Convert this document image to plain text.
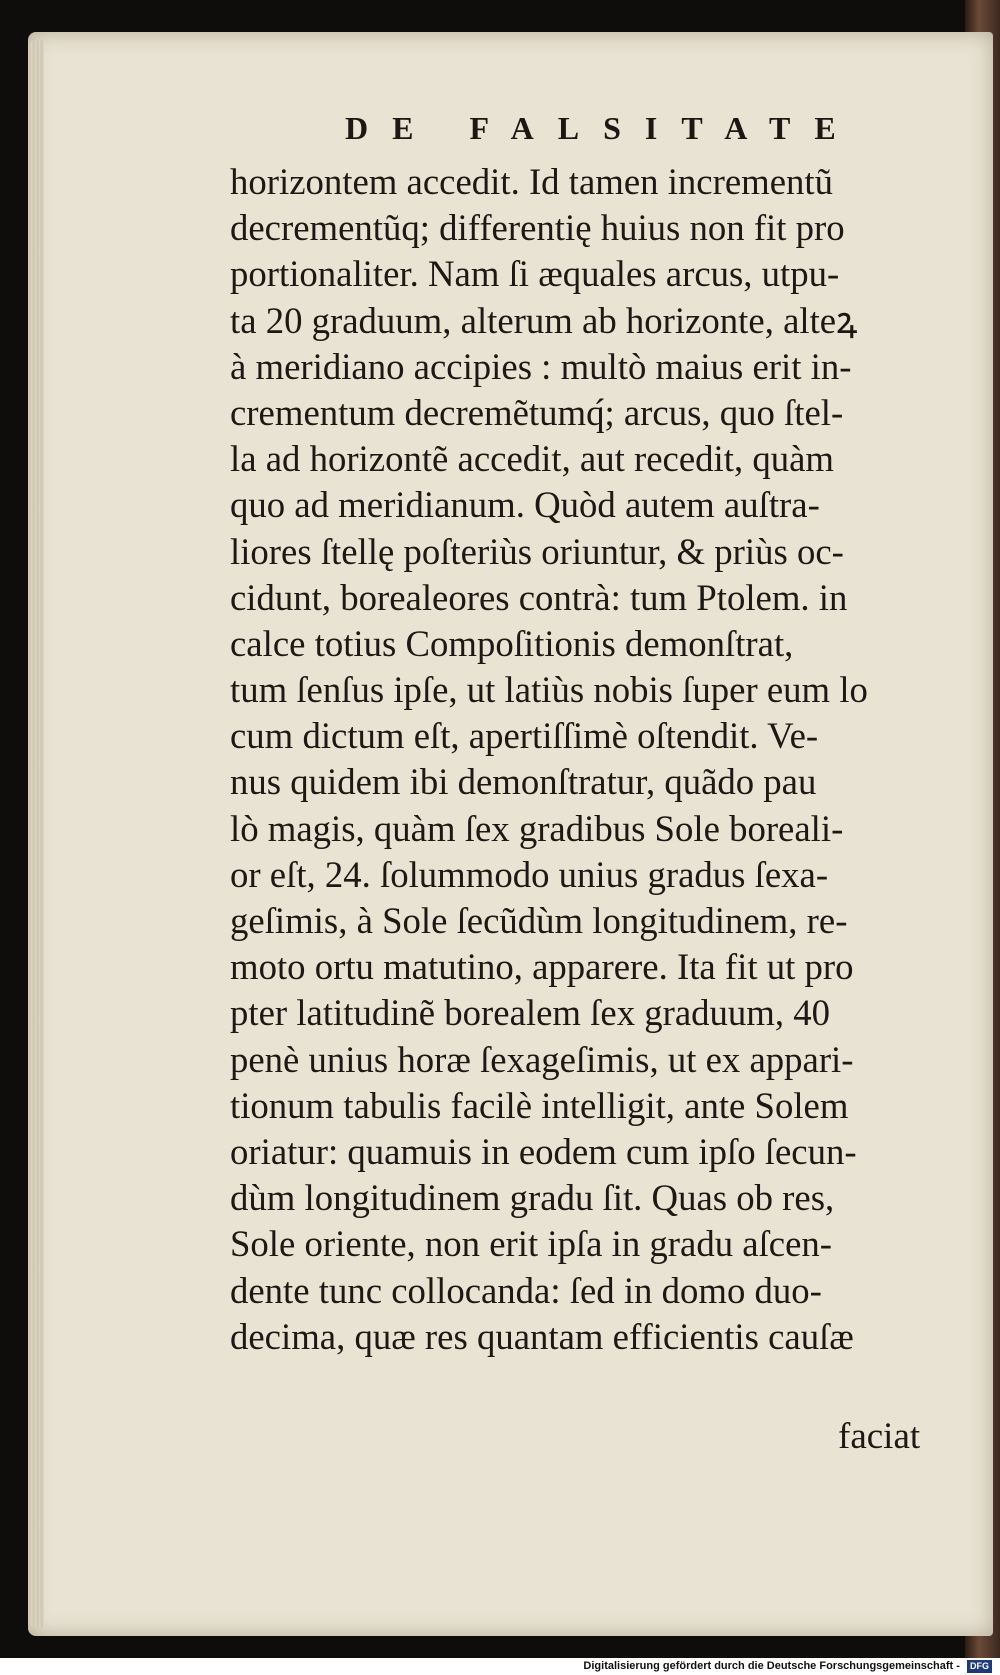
DE FALSITATE
horizontem accedit. Id tamen incrementũ
decrementũq; differentię huius non fit pro
portionaliter. Nam ſi æquales arcus, utpu-
ta 20 graduum, alterum ab horizonte, alteꝝ
à meridiano accipies : multò maius erit in-
crementum decremẽtumq́; arcus, quo ſtel-
la ad horizontẽ accedit, aut recedit, quàm
quo ad meridianum. Quòd autem auſtra-
liores ſtellę poſteriùs oriuntur, & priùs oc-
cidunt, borealeores contrà: tum Ptolem. in
calce totius Compoſitionis demonſtrat,
tum ſenſus ipſe, ut latiùs nobis ſuper eum lo
cum dictum eſt, apertiſſimè oſtendit. Ve-
nus quidem ibi demonſtratur, quãdo pau
lò magis, quàm ſex gradibus Sole boreali-
or eſt, 24. ſolummodo unius gradus ſexa-
geſimis, à Sole ſecũdùm longitudinem, re-
moto ortu matutino, apparere. Ita fit ut pro
pter latitudinẽ borealem ſex graduum, 40
penè unius horæ ſexageſimis, ut ex appari-
tionum tabulis facilè intelligit, ante Solem
oriatur: quamuis in eodem cum ipſo ſecun-
dùm longitudinem gradu ſit. Quas ob res,
Sole oriente, non erit ipſa in gradu aſcen-
dente tunc collocanda: ſed in domo duo-
decima, quæ res quantam efficientis cauſæ
faciat
Digitalisierung gefördert durch die Deutsche Forschungsgemeinschaft - DFG
